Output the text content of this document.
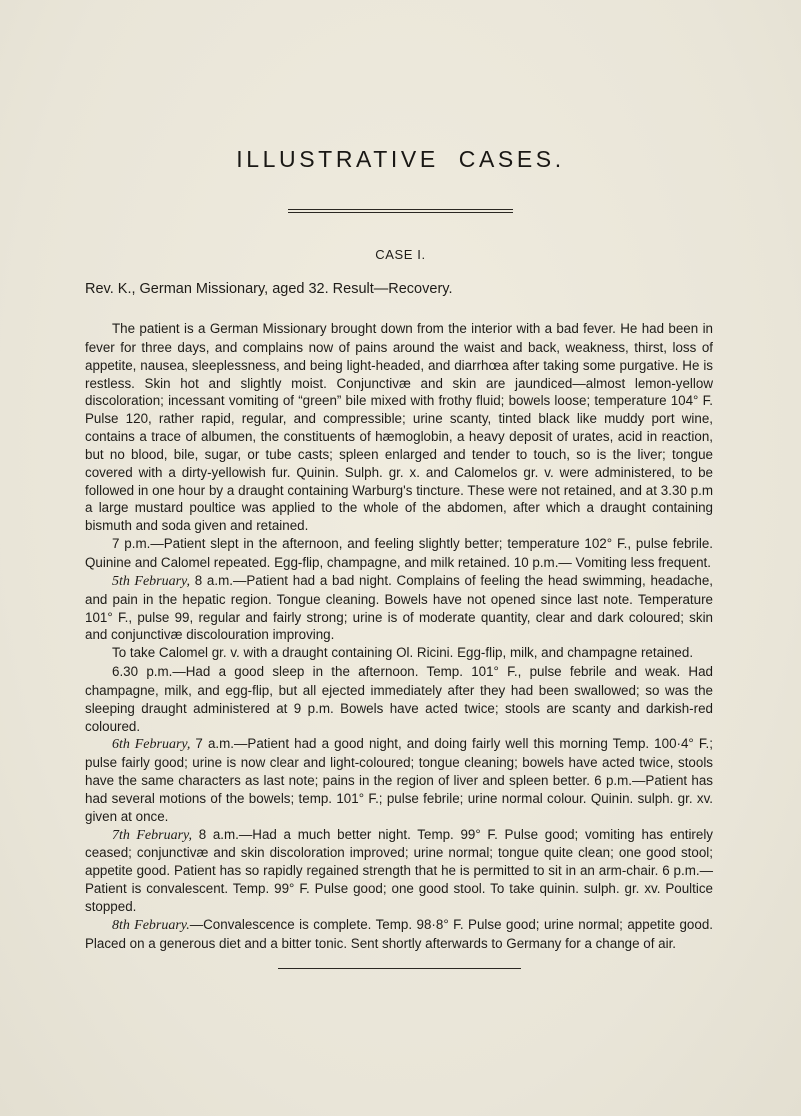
ILLUSTRATIVE CASES.
CASE I.

Rev. K., German Missionary, aged 32. Result—Recovery.

The patient is a German Missionary brought down from the interior with a bad fever. He had been in fever for three days, and complains now of pains around the waist and back, weakness, thirst, loss of appetite, nausea, sleeplessness, and being light-headed, and diarrhœa after taking some purgative. He is restless. Skin hot and slightly moist. Conjunctivæ and skin are jaundiced—almost lemon-yellow discoloration; incessant vomiting of “green” bile mixed with frothy fluid; bowels loose; temperature 104° F. Pulse 120, rather rapid, regular, and compressible; urine scanty, tinted black like muddy port wine, contains a trace of albumen, the constituents of hæmoglobin, a heavy deposit of urates, acid in reaction, but no blood, bile, sugar, or tube casts; spleen enlarged and tender to touch, so is the liver; tongue covered with a dirty-yellowish fur. Quinin. Sulph. gr. x. and Calomelos gr. v. were administered, to be followed in one hour by a draught containing Warburg's tincture. These were not retained, and at 3.30 p.m a large mustard poultice was applied to the whole of the abdomen, after which a draught containing bismuth and soda given and retained.

7 p.m.—Patient slept in the afternoon, and feeling slightly better; temperature 102° F., pulse febrile. Quinine and Calomel repeated. Egg-flip, champagne, and milk retained. 10 p.m.— Vomiting less frequent.

5th February, 8 a.m.—Patient had a bad night. Complains of feeling the head swimming, headache, and pain in the hepatic region. Tongue cleaning. Bowels have not opened since last note. Temperature 101° F., pulse 99, regular and fairly strong; urine is of moderate quantity, clear and dark coloured; skin and conjunctivæ discolouration improving.

To take Calomel gr. v. with a draught containing Ol. Ricini. Egg-flip, milk, and champagne retained.

6.30 p.m.—Had a good sleep in the afternoon. Temp. 101° F., pulse febrile and weak. Had champagne, milk, and egg-flip, but all ejected immediately after they had been swallowed; so was the sleeping draught administered at 9 p.m. Bowels have acted twice; stools are scanty and darkish-red coloured.

6th February, 7 a.m.—Patient had a good night, and doing fairly well this morning Temp. 100·4° F.; pulse fairly good; urine is now clear and light-coloured; tongue cleaning; bowels have acted twice, stools have the same characters as last note; pains in the region of liver and spleen better. 6 p.m.—Patient has had several motions of the bowels; temp. 101° F.; pulse febrile; urine normal colour. Quinin. sulph. gr. xv. given at once.

7th February, 8 a.m.—Had a much better night. Temp. 99° F. Pulse good; vomiting has entirely ceased; conjunctivæ and skin discoloration improved; urine normal; tongue quite clean; one good stool; appetite good. Patient has so rapidly regained strength that he is permitted to sit in an arm-chair. 6 p.m.—Patient is convalescent. Temp. 99° F. Pulse good; one good stool. To take quinin. sulph. gr. xv. Poultice stopped.

8th February.—Convalescence is complete. Temp. 98·8° F. Pulse good; urine normal; appetite good. Placed on a generous diet and a bitter tonic. Sent shortly afterwards to Germany for a change of air.
